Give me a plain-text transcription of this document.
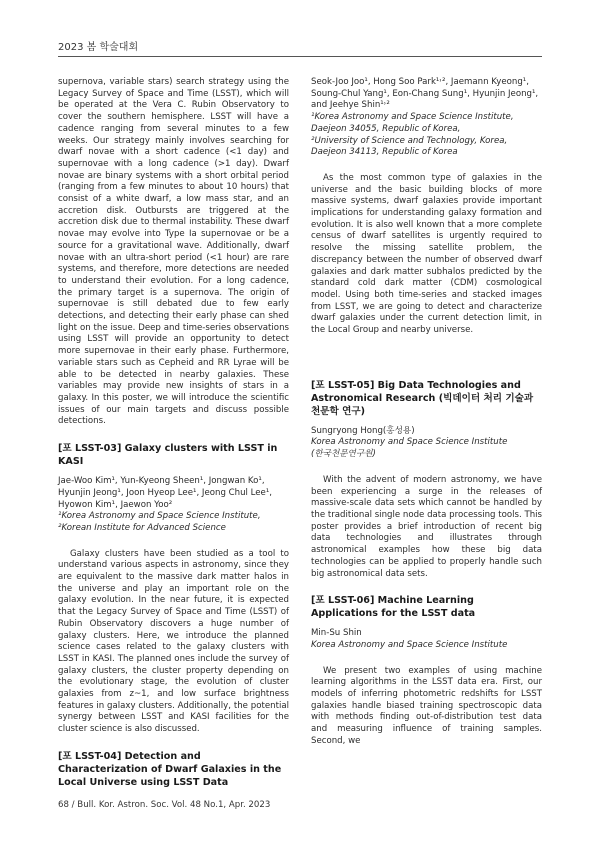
2023 봄 학술대회

supernova, variable stars) search strategy using the Legacy Survey of Space and Time (LSST), which will be operated at the Vera C. Rubin Observatory to cover the southern hemisphere. LSST will have a cadence ranging from several minutes to a few weeks. Our strategy mainly involves searching for dwarf novae with a short cadence (<1 day) and supernovae with a long cadence (>1 day). Dwarf novae are binary systems with a short orbital period (ranging from a few minutes to about 10 hours) that consist of a white dwarf, a low mass star, and an accretion disk. Outbursts are triggered at the accretion disk due to thermal instability. These dwarf novae may evolve into Type Ia supernovae or be a source for a gravitational wave. Additionally, dwarf novae with an ultra-short period (<1 hour) are rare systems, and therefore, more detections are needed to understand their evolution. For a long cadence, the primary target is a supernova. The origin of supernovae is still debated due to few early detections, and detecting their early phase can shed light on the issue. Deep and time-series observations using LSST will provide an opportunity to detect more supernovae in their early phase. Furthermore, variable stars such as Cepheid and RR Lyrae will be able to be detected in nearby galaxies. These variables may provide new insights of stars in a galaxy. In this poster, we will introduce the scientific issues of our main targets and discuss possible detections.

[포 LSST-03] Galaxy clusters with LSST in KASI

Jae-Woo Kim¹, Yun-Kyeong Sheen¹, Jongwan Ko¹,

Hyunjin Jeong¹, Joon Hyeop Lee¹, Jeong Chul Lee¹,

Hyowon Kim¹, Jaewon Yoo²

¹Korea Astronomy and Space Science Institute, ²Korean Institute for Advanced Science

Galaxy clusters have been studied as a tool to understand various aspects in astronomy, since they are equivalent to the massive dark matter halos in the universe and play an important role on the galaxy evolution. In the near future, it is expected that the Legacy Survey of Space and Time (LSST) of Rubin Observatory discovers a huge number of galaxy clusters. Here, we introduce the planned science cases related to the galaxy clusters with LSST in KASI. The planned ones include the survey of galaxy clusters, the cluster property depending on the evolutionary stage, the evolution of cluster galaxies from z~1, and low surface brightness features in galaxy clusters. Additionally, the potential synergy between LSST and KASI facilities for the cluster science is also discussed.

[포 LSST-04] Detection and Characterization of Dwarf Galaxies in the Local Universe using LSST Data

Seok-Joo Joo¹, Hong Soo Park¹˒², Jaemann Kyeong¹,

Soung-Chul Yang¹, Eon-Chang Sung¹, Hyunjin Jeong¹,

and Jeehye Shin¹˒²

¹Korea Astronomy and Space Science Institute, Daejeon 34055, Republic of Korea,

²University of Science and Technology, Korea, Daejeon 34113, Republic of Korea

As the most common type of galaxies in the universe and the basic building blocks of more massive systems, dwarf galaxies provide important implications for understanding galaxy formation and evolution. It is also well known that a more complete census of dwarf satellites is urgently required to resolve the missing satellite problem, the discrepancy between the number of observed dwarf galaxies and dark matter subhalos predicted by the standard cold dark matter (CDM) cosmological model. Using both time-series and stacked images from LSST, we are going to detect and characterize dwarf galaxies under the current detection limit, in the Local Group and nearby universe.

[포 LSST-05] Big Data Technologies and Astronomical Research (빅데이터 처리 기술과 천문학 연구)

Sungryong Hong(홍성용)

Korea Astronomy and Space Science Institute

(한국천문연구원)

With the advent of modern astronomy, we have been experiencing a surge in the releases of massive-scale data sets which cannot be handled by the traditional single node data processing tools. This poster provides a brief introduction of recent big data technologies and illustrates through astronomical examples how these big data technologies can be applied to properly handle such big astronomical data sets.

[포 LSST-06] Machine Learning Applications for the LSST data

Min-Su Shin

Korea Astronomy and Space Science Institute

We present two examples of using machine learning algorithms in the LSST data era. First, our models of inferring photometric redshifts for LSST galaxies handle biased training spectroscopic data with methods finding out-of-distribution test data and measuring influence of training samples. Second, we

68 / Bull. Kor. Astron. Soc. Vol. 48 No.1, Apr. 2023
